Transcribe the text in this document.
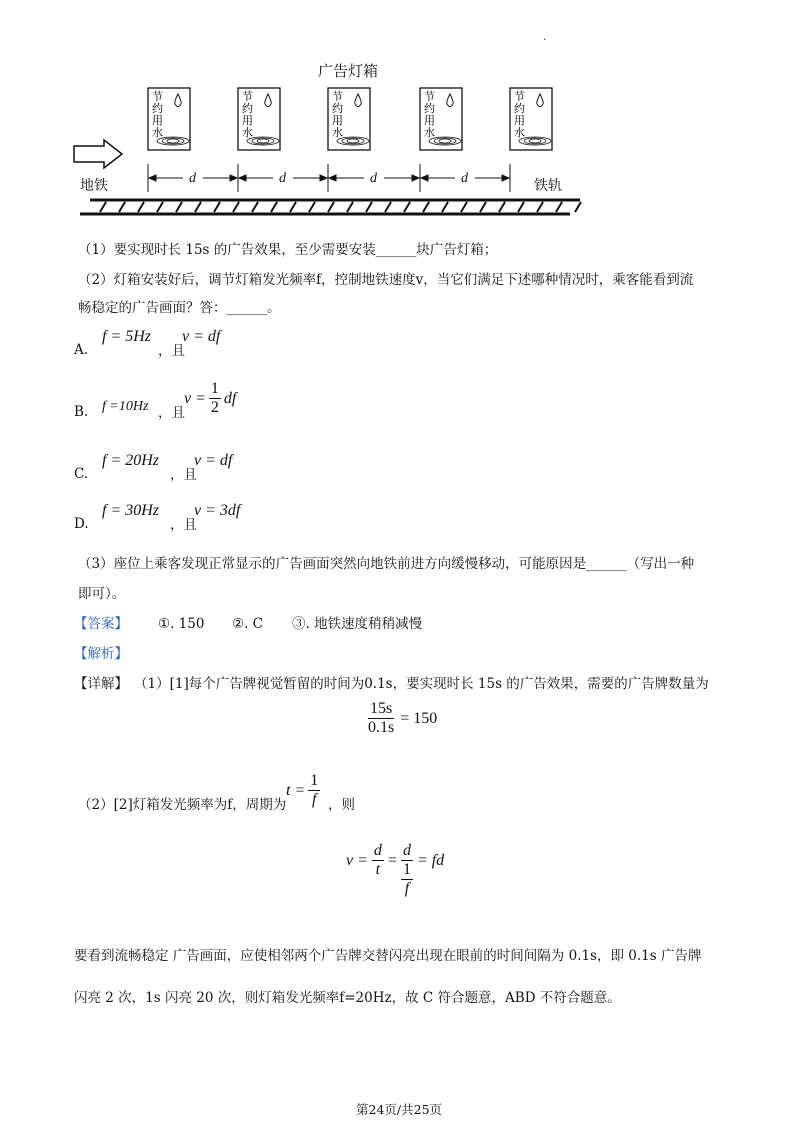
.
广告灯箱
节
约
用
水
节
约
用
水
节
约
用
水
节
约
用
水
节
约
用
水
d	d	d	d
地铁	铁轨
（1）要实现时长 15s 的广告效果，至少需要安装______块广告灯箱；
（2）灯箱安装好后，调节灯箱发光频率f，控制地铁速度v，当它们满足下述哪种情况时，乘客能看到流
畅稳定的广告画面？答：______。
A.
f = 5Hz
，且
v = df
B. f =10Hz ，且
$v = \frac{1}{2}$ df
C.
f = 20Hz
，且
v = df
D.
f = 30Hz
，且
v = 3df
（3）座位上乘客发现正常显示的广告画面突然向地铁前进方向缓慢移动，可能原因是______（写出一种
即可）。
【答案】 ①. 150 ②. C ③. 地铁速度稍稍减慢
【解析】
【详解】 （1）[1]每个广告牌视觉暂留的时间为0.1s，要实现时长 15s 的广告效果，需要的广告牌数量为
$\frac{15s}{0.1s} = 150$
（2）[2]灯箱发光频率为f，周期为
$t = \frac{1}{f}$ ，则
$v = \frac{d}{t} = \frac{d}{\frac{1}{f}}$ = fd
要看到流畅稳定 广告画面，应使相邻两个广告牌交替闪亮出现在眼前的时间间隔为 0.1s，即 0.1s 广告牌
闪亮 2 次，1s 闪亮 20 次，则灯箱发光频率f=20Hz，故 C 符合题意，ABD 不符合题意。
第24页/共25页
